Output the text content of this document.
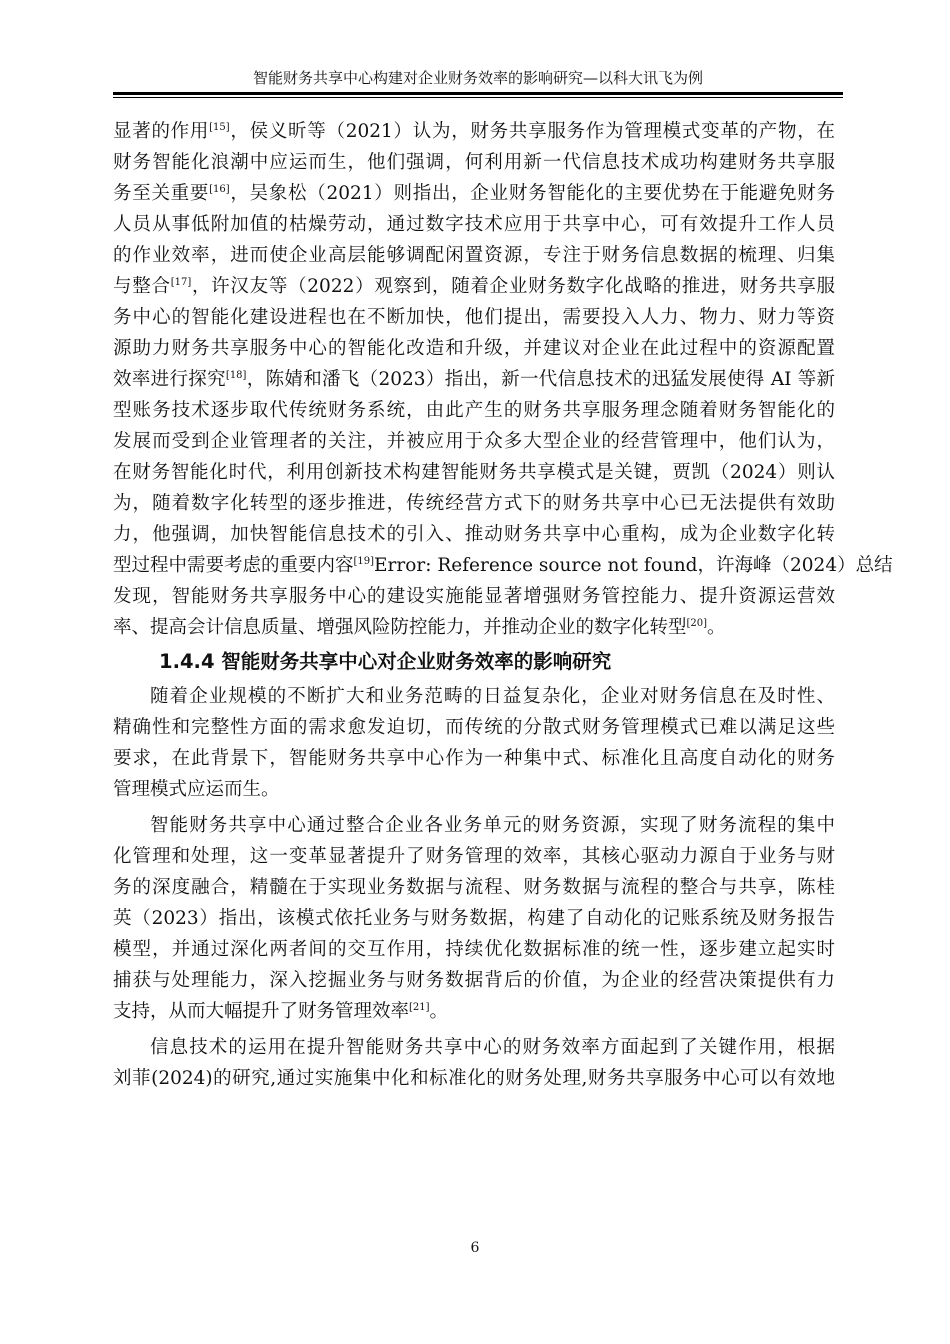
智能财务共享中心构建对企业财务效率的影响研究—以科大讯飞为例
显著的作用[15]，侯义昕等（2021）认为，财务共享服务作为管理模式变革的产物，在
财务智能化浪潮中应运而生，他们强调，何利用新一代信息技术成功构建财务共享服
务至关重要[16]，吴象松（2021）则指出，企业财务智能化的主要优势在于能避免财务
人员从事低附加值的枯燥劳动，通过数字技术应用于共享中心，可有效提升工作人员
的作业效率，进而使企业高层能够调配闲置资源，专注于财务信息数据的梳理、归集
与整合[17]，许汉友等（2022）观察到，随着企业财务数字化战略的推进，财务共享服
务中心的智能化建设进程也在不断加快，他们提出，需要投入人力、物力、财力等资
源助力财务共享服务中心的智能化改造和升级，并建议对企业在此过程中的资源配置
效率进行探究[18]，陈婧和潘飞（2023）指出，新一代信息技术的迅猛发展使得 AI 等新
型账务技术逐步取代传统财务系统，由此产生的财务共享服务理念随着财务智能化的
发展而受到企业管理者的关注，并被应用于众多大型企业的经营管理中，他们认为，
在财务智能化时代，利用创新技术构建智能财务共享模式是关键，贾凯（2024）则认
为，随着数字化转型的逐步推进，传统经营方式下的财务共享中心已无法提供有效助
力，他强调，加快智能信息技术的引入、推动财务共享中心重构，成为企业数字化转
型过程中需要考虑的重要内容[19]Error: Reference source not found，许海峰（2024）总结
发现，智能财务共享服务中心的建设实施能显著增强财务管控能力、提升资源运营效
率、提高会计信息质量、增强风险防控能力，并推动企业的数字化转型[20]。
1.4.4 智能财务共享中心对企业财务效率的影响研究
随着企业规模的不断扩大和业务范畴的日益复杂化，企业对财务信息在及时性、
精确性和完整性方面的需求愈发迫切，而传统的分散式财务管理模式已难以满足这些
要求，在此背景下，智能财务共享中心作为一种集中式、标准化且高度自动化的财务
管理模式应运而生。
智能财务共享中心通过整合企业各业务单元的财务资源，实现了财务流程的集中
化管理和处理，这一变革显著提升了财务管理的效率，其核心驱动力源自于业务与财
务的深度融合，精髓在于实现业务数据与流程、财务数据与流程的整合与共享，陈桂
英（2023）指出，该模式依托业务与财务数据，构建了自动化的记账系统及财务报告
模型，并通过深化两者间的交互作用，持续优化数据标准的统一性，逐步建立起实时
捕获与处理能力，深入挖掘业务与财务数据背后的价值，为企业的经营决策提供有力
支持，从而大幅提升了财务管理效率[21]。
信息技术的运用在提升智能财务共享中心的财务效率方面起到了关键作用，根据
刘菲(2024)的研究,通过实施集中化和标准化的财务处理,财务共享服务中心可以有效地
6
